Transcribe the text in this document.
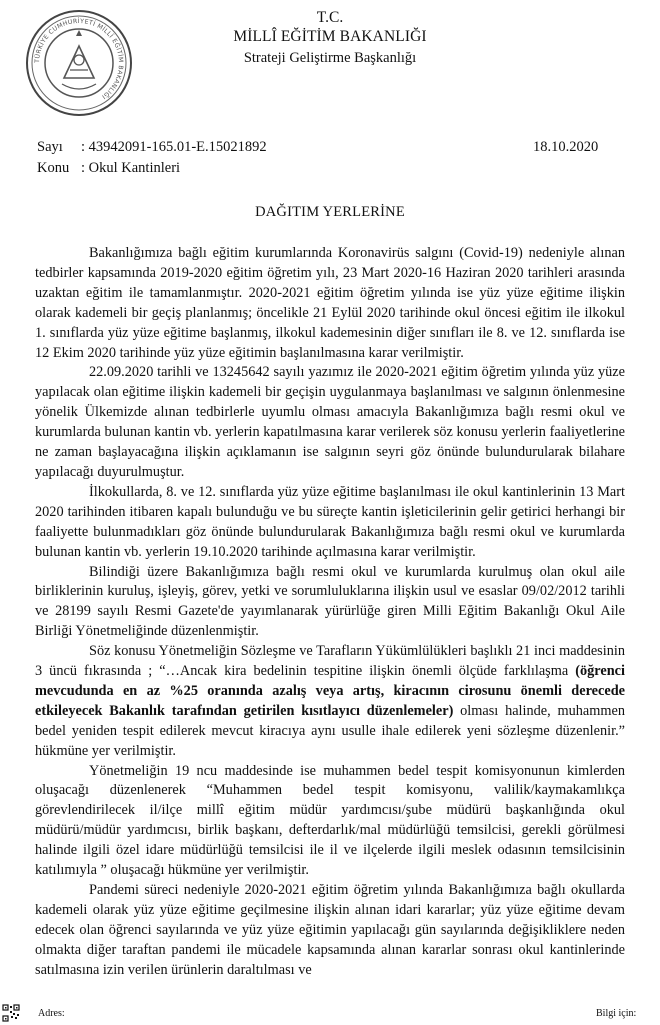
TÜRKİYE CUMHURİYETİ MİLLÎ EĞİTİM BAKANLIĞI
T.C.
MİLLÎ EĞİTİM BAKANLIĞI
Strateji Geliştirme Başkanlığı
Sayı : 43942091-165.01-E.15021892
Konu : Okul Kantinleri
18.10.2020
DAĞITIM YERLERİNE

Bakanlığımıza bağlı eğitim kurumlarında Koronavirüs salgını (Covid-19) nedeniyle alınan tedbirler kapsamında 2019-2020 eğitim öğretim yılı, 23 Mart 2020-16 Haziran 2020 tarihleri arasında uzaktan eğitim ile tamamlanmıştır. 2020-2021 eğitim öğretim yılında ise yüz yüze eğitime ilişkin olarak kademeli bir geçiş planlanmış; öncelikle 21 Eylül 2020 tarihinde okul öncesi eğitim ile ilkokul 1. sınıflarda yüz yüze eğitime başlanmış, ilkokul kademesinin diğer sınıfları ile 8. ve 12. sınıflarda ise 12 Ekim 2020 tarihinde yüz yüze eğitimin başlanılmasına karar verilmiştir.

22.09.2020 tarihli ve 13245642 sayılı yazımız ile 2020-2021 eğitim öğretim yılında yüz yüze yapılacak olan eğitime ilişkin kademeli bir geçişin uygulanmaya başlanılması ve salgının önlenmesine yönelik Ülkemizde alınan tedbirlerle uyumlu olması amacıyla Bakanlığımıza bağlı resmi okul ve kurumlarda bulunan kantin vb. yerlerin kapatılmasına karar verilerek söz konusu yerlerin faaliyetlerine ne zaman başlayacağına ilişkin açıklamanın ise salgının seyri göz önünde bulundurularak bilahare yapılacağı duyurulmuştur.

İlkokullarda, 8. ve 12. sınıflarda yüz yüze eğitime başlanılması ile okul kantinlerinin 13 Mart 2020 tarihinden itibaren kapalı bulunduğu ve bu süreçte kantin işleticilerinin gelir getirici herhangi bir faaliyette bulunmadıkları göz önünde bulundurularak Bakanlığımıza bağlı resmi okul ve kurumlarda bulunan kantin vb. yerlerin 19.10.2020 tarihinde açılmasına karar verilmiştir.

Bilindiği üzere Bakanlığımıza bağlı resmi okul ve kurumlarda kurulmuş olan okul aile birliklerinin kuruluş, işleyiş, görev, yetki ve sorumluluklarına ilişkin usul ve esaslar 09/02/2012 tarihli ve 28199 sayılı Resmi Gazete'de yayımlanarak yürürlüğe giren Milli Eğitim Bakanlığı Okul Aile Birliği Yönetmeliğinde düzenlenmiştir.

Söz konusu Yönetmeliğin Sözleşme ve Tarafların Yükümlülükleri başlıklı 21 inci maddesinin 3 üncü fıkrasında ; “…Ancak kira bedelinin tespitine ilişkin önemli ölçüde farklılaşma (öğrenci mevcudunda en az %25 oranında azalış veya artış, kiracının cirosunu önemli derecede etkileyecek Bakanlık tarafından getirilen kısıtlayıcı düzenlemeler) olması halinde, muhammen bedel yeniden tespit edilerek mevcut kiracıya aynı usulle ihale edilerek yeni sözleşme düzenlenir.” hükmüne yer verilmiştir.

Yönetmeliğin 19 ncu maddesinde ise muhammen bedel tespit komisyonunun kimlerden oluşacağı düzenlenerek “Muhammen bedel tespit komisyonu, valilik/kaymakamlıkça görevlendirilecek il/ilçe millî eğitim müdür yardımcısı/şube müdürü başkanlığında okul müdürü/müdür yardımcısı, birlik başkanı, defterdarlık/mal müdürlüğü temsilcisi, gerekli görülmesi halinde ilgili özel idare müdürlüğü temsilcisi ile il ve ilçelerde ilgili meslek odasının temsilcisinin katılımıyla ” oluşacağı hükmüne yer verilmiştir.

Pandemi süreci nedeniyle 2020-2021 eğitim öğretim yılında Bakanlığımıza bağlı okullarda kademeli olarak yüz yüze eğitime geçilmesine ilişkin alınan idari kararlar; yüz yüze eğitime devam edecek olan öğrenci sayılarında ve yüz yüze eğitimin yapılacağı gün sayılarında değişikliklere neden olmakta diğer taraftan pandemi ile mücadele kapsamında alınan kararlar sonrası okul kantinlerinde satılmasına izin verilen ürünlerin daraltılması ve

Adres:	Bilgi için:
